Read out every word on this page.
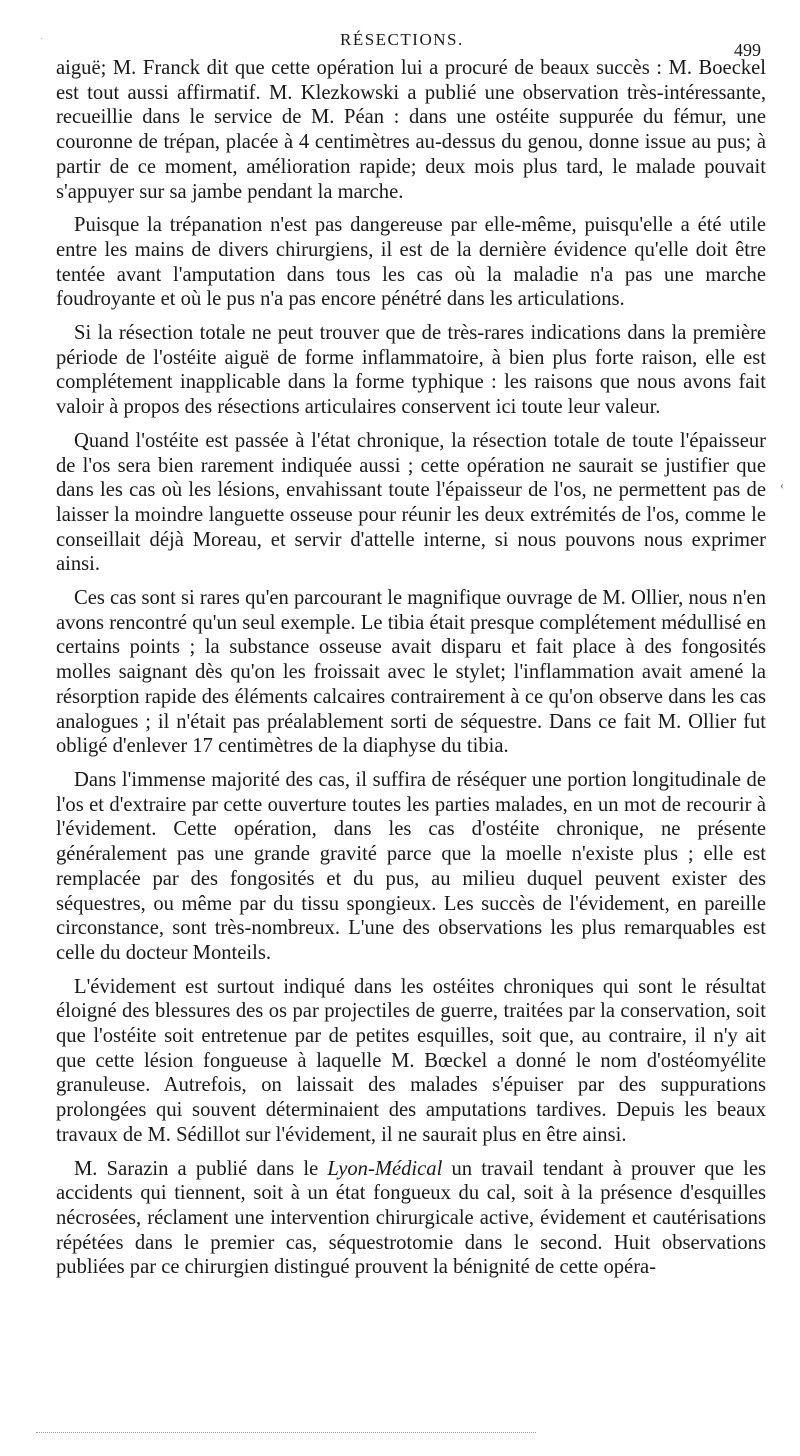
·	RÉSECTIONS.
499

aiguë; M. Franck dit que cette opération lui a procuré de beaux succès : M. Boeckel est tout aussi affirmatif. M. Klezkowski a publié une observation très-intéressante, recueillie dans le service de M. Péan : dans une ostéite suppurée du fémur, une couronne de trépan, placée à 4 centimètres au-dessus du genou, donne issue au pus; à partir de ce moment, amélioration rapide; deux mois plus tard, le malade pouvait s'appuyer sur sa jambe pendant la marche.

Puisque la trépanation n'est pas dangereuse par elle-même, puisqu'elle a été utile entre les mains de divers chirurgiens, il est de la dernière évidence qu'elle doit être tentée avant l'amputation dans tous les cas où la maladie n'a pas une marche foudroyante et où le pus n'a pas encore pénétré dans les articulations.

Si la résection totale ne peut trouver que de très-rares indications dans la première période de l'ostéite aiguë de forme inflammatoire, à bien plus forte raison, elle est complétement inapplicable dans la forme typhique : les raisons que nous avons fait valoir à propos des résections articulaires conservent ici toute leur valeur.

Quand l'ostéite est passée à l'état chronique, la résection totale de toute l'épaisseur de l'os sera bien rarement indiquée aussi ; cette opération ne saurait se justifier que dans les cas où les lésions, envahissant toute l'épaisseur de l'os, ne permettent pas de laisser la moindre languette osseuse pour réunir les deux extrémités de l'os, comme le conseillait déjà Moreau, et servir d'attelle interne, si nous pouvons nous exprimer ainsi.

Ces cas sont si rares qu'en parcourant le magnifique ouvrage de M. Ollier, nous n'en avons rencontré qu'un seul exemple. Le tibia était presque complétement médullisé en certains points ; la substance osseuse avait disparu et fait place à des fongosités molles saignant dès qu'on les froissait avec le stylet; l'inflammation avait amené la résorption rapide des éléments calcaires contrairement à ce qu'on observe dans les cas analogues ; il n'était pas préalablement sorti de séquestre. Dans ce fait M. Ollier fut obligé d'enlever 17 centimètres de la diaphyse du tibia.

Dans l'immense majorité des cas, il suffira de réséquer une portion longitudinale de l'os et d'extraire par cette ouverture toutes les parties malades, en un mot de recourir à l'évidement. Cette opération, dans les cas d'ostéite chronique, ne présente généralement pas une grande gravité parce que la moelle n'existe plus ; elle est remplacée par des fongosités et du pus, au milieu duquel peuvent exister des séquestres, ou même par du tissu spongieux. Les succès de l'évidement, en pareille circonstance, sont très-nombreux. L'une des observations les plus remarquables est celle du docteur Monteils.

L'évidement est surtout indiqué dans les ostéites chroniques qui sont le résultat éloigné des blessures des os par projectiles de guerre, traitées par la conservation, soit que l'ostéite soit entretenue par de petites esquilles, soit que, au contraire, il n'y ait que cette lésion fongueuse à laquelle M. Bœckel a donné le nom d'ostéomyélite granuleuse. Autrefois, on laissait des malades s'épuiser par des suppurations prolongées qui souvent déterminaient des amputations tardives. Depuis les beaux travaux de M. Sédillot sur l'évidement, il ne saurait plus en être ainsi.

M. Sarazin a publié dans le Lyon-Médical un travail tendant à prouver que les accidents qui tiennent, soit à un état fongueux du cal, soit à la présence d'esquilles nécrosées, réclament une intervention chirurgicale active, évidement et cautérisations répétées dans le premier cas, séquestrotomie dans le second. Huit observations publiées par ce chirurgien distingué prouvent la bénignité de cette opéra-

‹
